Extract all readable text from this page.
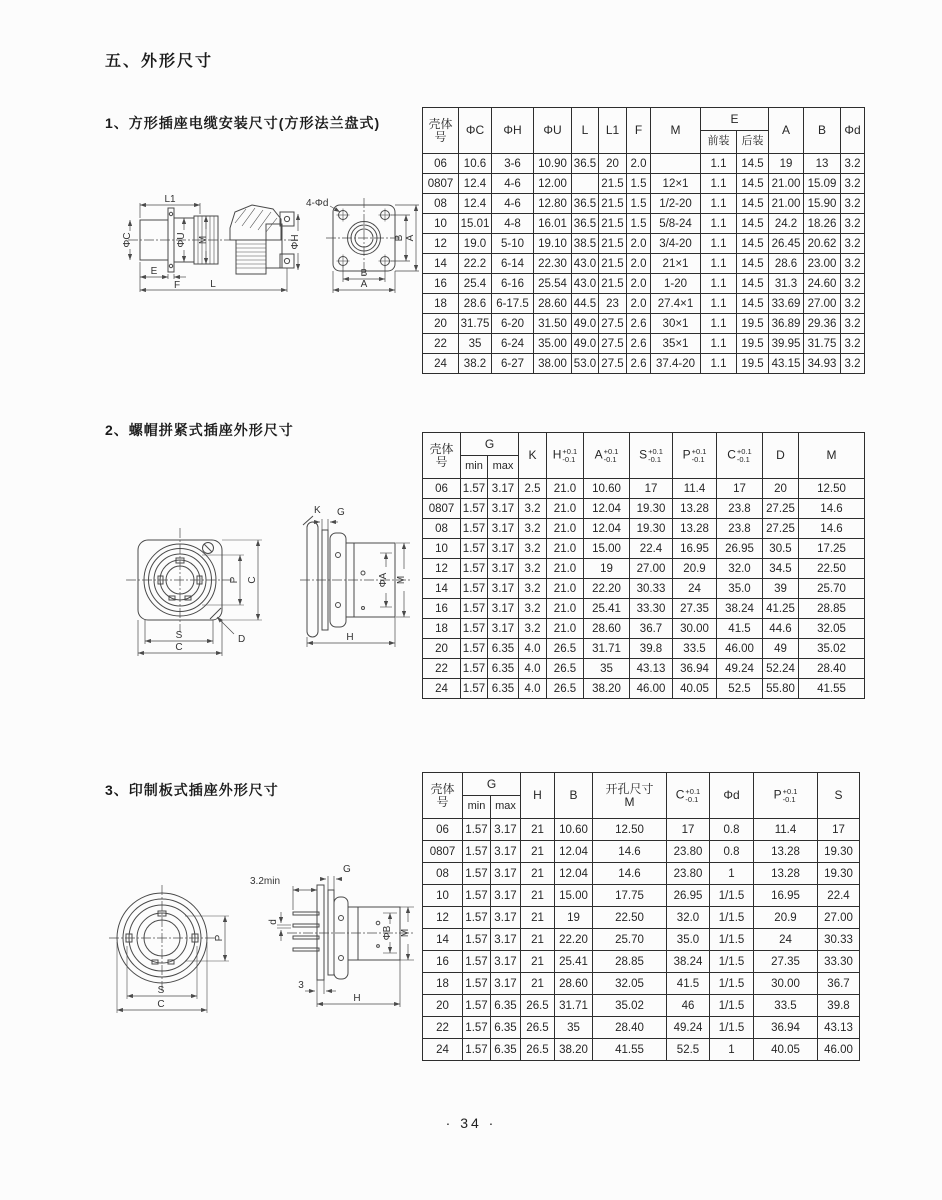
五、外形尺寸
1、方形插座电缆安装尺寸(方形法兰盘式)
2、螺帽拼紧式插座外形尺寸
3、印制板式插座外形尺寸
L1
ΦC	ΦU M	ΦH
E
F	L
4-Φd
B A
B
A
P C
S
C
D
K G
ΦA M
H
P
S
C
3.2min
G
d
ΦB M
3
H
壳体
号	ΦC	ΦH	ΦU	L	L1	F	M	E		A	B	Φd
								前装	后装			
06	10.6	3-6	10.90	36.5	20	2.0		1.1	14.5	19	13	3.2
0807	12.4	4-6	12.00		21.5	1.5	12×1	1.1	14.5	21.00	15.09	3.2
08	12.4	4-6	12.80	36.5	21.5	1.5	1/2-20	1.1	14.5	21.00	15.90	3.2
10	15.01	4-8	16.01	36.5	21.5	1.5	5/8-24	1.1	14.5	24.2	18.26	3.2
12	19.0	5-10	19.10	38.5	21.5	2.0	3/4-20	1.1	14.5	26.45	20.62	3.2
14	22.2	6-14	22.30	43.0	21.5	2.0	21×1	1.1	14.5	28.6	23.00	3.2
16	25.4	6-16	25.54	43.0	21.5	2.0	1-20	1.1	14.5	31.3	24.60	3.2
18	28.6	6-17.5	28.60	44.5	23	2.0	27.4×1	1.1	14.5	33.69	27.00	3.2
20	31.75	6-20	31.50	49.0	27.5	2.6	30×1	1.1	19.5	36.89	29.36	3.2
22	35	6-24	35.00	49.0	27.5	2.6	35×1	1.1	19.5	39.95	31.75	3.2
24	38.2	6-27	38.00	53.0	27.5	2.6	37.4-20	1.1	19.5	43.15	34.93	3.2
壳体
号	G		K	H +0.1
-0.1	A +0.1
-0.1	S +0.1
-0.1	P +0.1
-0.1	C +0.1
-0.1	D	M
	min	max								
06	1.57	3.17	2.5	21.0	10.60	17	11.4	17	20	12.50
0807	1.57	3.17	3.2	21.0	12.04	19.30	13.28	23.8	27.25	14.6
08	1.57	3.17	3.2	21.0	12.04	19.30	13.28	23.8	27.25	14.6
10	1.57	3.17	3.2	21.0	15.00	22.4	16.95	26.95	30.5	17.25
12	1.57	3.17	3.2	21.0	19	27.00	20.9	32.0	34.5	22.50
14	1.57	3.17	3.2	21.0	22.20	30.33	24	35.0	39	25.70
16	1.57	3.17	3.2	21.0	25.41	33.30	27.35	38.24	41.25	28.85
18	1.57	3.17	3.2	21.0	28.60	36.7	30.00	41.5	44.6	32.05
20	1.57	6.35	4.0	26.5	31.71	39.8	33.5	46.00	49	35.02
22	1.57	6.35	4.0	26.5	35	43.13	36.94	49.24	52.24	28.40
24	1.57	6.35	4.0	26.5	38.20	46.00	40.05	52.5	55.80	41.55
壳体
号	G		H	B	开孔尺寸
M	C +0.1
-0.1	Φd	P +0.1
-0.1	S
	min	max							
06	1.57	3.17	21	10.60	12.50	17	0.8	11.4	17
0807	1.57	3.17	21	12.04	14.6	23.80	0.8	13.28	19.30
08	1.57	3.17	21	12.04	14.6	23.80	1	13.28	19.30
10	1.57	3.17	21	15.00	17.75	26.95	1/1.5	16.95	22.4
12	1.57	3.17	21	19	22.50	32.0	1/1.5	20.9	27.00
14	1.57	3.17	21	22.20	25.70	35.0	1/1.5	24	30.33
16	1.57	3.17	21	25.41	28.85	38.24	1/1.5	27.35	33.30
18	1.57	3.17	21	28.60	32.05	41.5	1/1.5	30.00	36.7
20	1.57	6.35	26.5	31.71	35.02	46	1/1.5	33.5	39.8
22	1.57	6.35	26.5	35	28.40	49.24	1/1.5	36.94	43.13
24	1.57	6.35	26.5	38.20	41.55	52.5	1	40.05	46.00
· 34 ·
